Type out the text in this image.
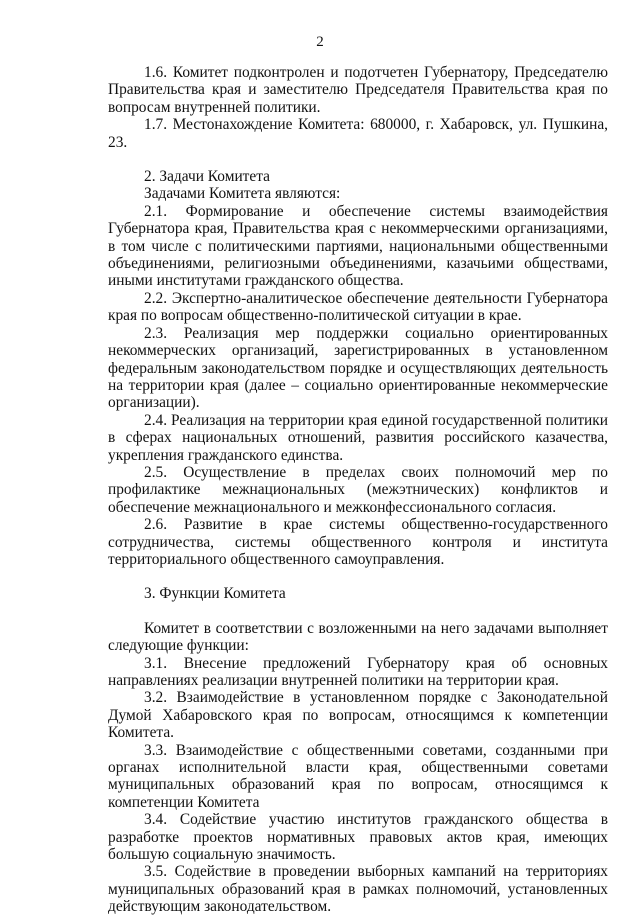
2

1.6. Комитет подконтролен и подотчетен Губернатору, Председателю Правительства края и заместителю Председателя Правительства края по вопросам внутренней политики.

1.7. Местонахождение Комитета: 680000, г. Хабаровск, ул. Пушкина, 23.

2. Задачи Комитета

Задачами Комитета являются:

2.1. Формирование и обеспечение системы взаимодействия Губернатора края, Правительства края с некоммерческими организациями, в том числе с политическими партиями, национальными общественными объединениями, религиозными объединениями, казачьими обществами, иными институтами гражданского общества.

2.2. Экспертно-аналитическое обеспечение деятельности Губернатора края по вопросам общественно-политической ситуации в крае.

2.3. Реализация мер поддержки социально ориентированных некоммерческих организаций, зарегистрированных в установленном федеральным законодательством порядке и осуществляющих деятельность на территории края (далее – социально ориентированные некоммерческие организации).

2.4. Реализация на территории края единой государственной политики в сферах национальных отношений, развития российского казачества, укрепления гражданского единства.

2.5. Осуществление в пределах своих полномочий мер по профилактике межнациональных (межэтнических) конфликтов и обеспечение межнационального и межконфессионального согласия.

2.6. Развитие в крае системы общественно-государственного сотрудничества, системы общественного контроля и института территориального общественного самоуправления.

3. Функции Комитета

Комитет в соответствии с возложенными на него задачами выполняет следующие функции:

3.1. Внесение предложений Губернатору края об основных направлениях реализации внутренней политики на территории края.

3.2. Взаимодействие в установленном порядке с Законодательной Думой Хабаровского края по вопросам, относящимся к компетенции Комитета.

3.3. Взаимодействие с общественными советами, созданными при органах исполнительной власти края, общественными советами муниципальных образований края по вопросам, относящимся к компетенции Комитета

3.4. Содействие участию институтов гражданского общества в разработке проектов нормативных правовых актов края, имеющих большую социальную значимость.

3.5. Содействие в проведении выборных кампаний на территориях муниципальных образований края в рамках полномочий, установленных действующим законодательством.
